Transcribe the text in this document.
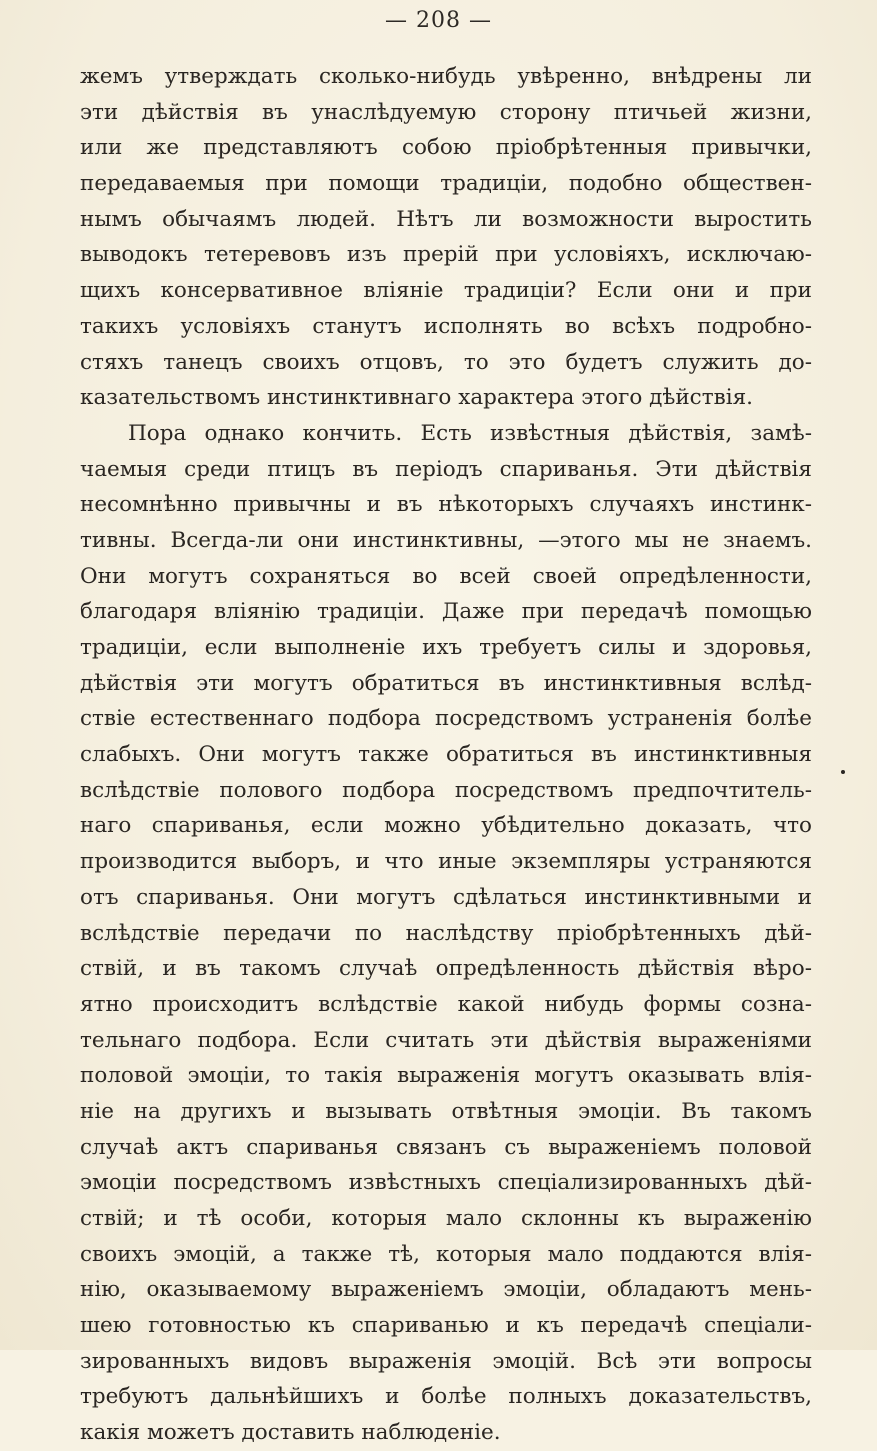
— 208 —
жемъ утверждать сколько-нибудь увѣренно, внѣдрены ли
эти дѣйствія въ унаслѣдуемую сторону птичьей жизни,
или же представляютъ собою пріобрѣтенныя привычки,
передаваемыя при помощи традиціи, подобно обществен-
нымъ обычаямъ людей. Нѣтъ ли возможности выростить
выводокъ тетеревовъ изъ прерій при условіяхъ, исключаю-
щихъ консервативное вліяніе традиціи? Если они и при
такихъ условіяхъ станутъ исполнять во всѣхъ подробно-
стяхъ танецъ своихъ отцовъ, то это будетъ служить до-
казательствомъ инстинктивнаго характера этого дѣйствія.
Пора однако кончить. Есть извѣстныя дѣйствія, замѣ-
чаемыя среди птицъ въ періодъ спариванья. Эти дѣйствія
несомнѣнно привычны и въ нѣкоторыхъ случаяхъ инстинк-
тивны. Всегда-ли они инстинктивны, —этого мы не знаемъ.
Они могутъ сохраняться во всей своей опредѣленности,
благодаря вліянію традиціи. Даже при передачѣ помощью
традиціи, если выполненіе ихъ требуетъ силы и здоровья,
дѣйствія эти могутъ обратиться въ инстинктивныя вслѣд-
ствіе естественнаго подбора посредствомъ устраненія болѣе
слабыхъ. Они могутъ также обратиться въ инстинктивныя
вслѣдствіе полового подбора посредствомъ предпочтитель-
наго спариванья, если можно убѣдительно доказать, что
производится выборъ, и что иные экземпляры устраняются
отъ спариванья. Они могутъ сдѣлаться инстинктивными и
вслѣдствіе передачи по наслѣдству пріобрѣтенныхъ дѣй-
ствій, и въ такомъ случаѣ опредѣленность дѣйствія вѣро-
ятно происходитъ вслѣдствіе какой нибудь формы созна-
тельнаго подбора. Если считать эти дѣйствія выраженіями
половой эмоціи, то такія выраженія могутъ оказывать влія-
ніе на другихъ и вызывать отвѣтныя эмоціи. Въ такомъ
случаѣ актъ спариванья связанъ съ выраженіемъ половой
эмоціи посредствомъ извѣстныхъ спеціализированныхъ дѣй-
ствій; и тѣ особи, которыя мало склонны къ выраженію
своихъ эмоцій, а также тѣ, которыя мало поддаются влія-
нію, оказываемому выраженіемъ эмоціи, обладаютъ мень-
шею готовностью къ спариванью и къ передачѣ спеціали-
зированныхъ видовъ выраженія эмоцій. Всѣ эти вопросы
требуютъ дальнѣйшихъ и болѣе полныхъ доказательствъ,
какія можетъ доставить наблюденіе.
